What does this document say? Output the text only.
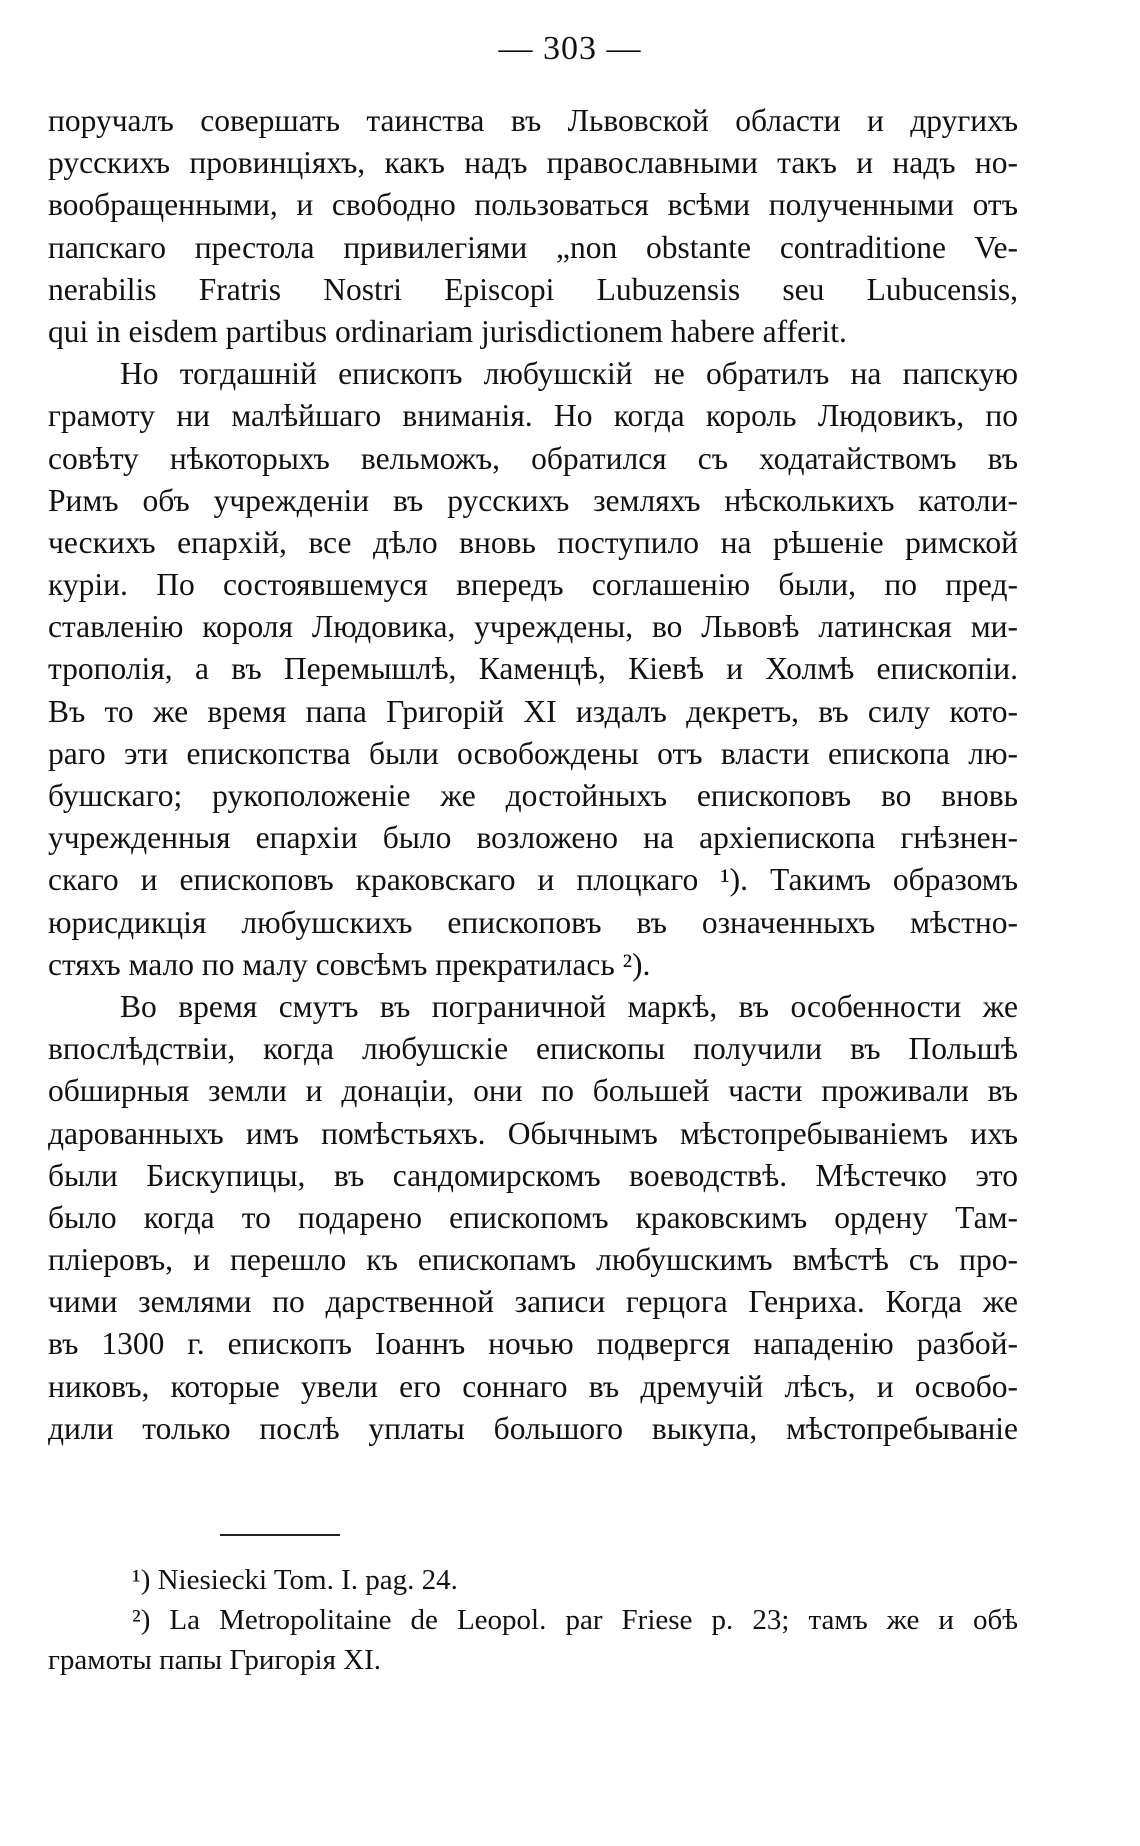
— 303 —
поручалъ совершать таинства въ Львовской области и другихъ
русскихъ провинціяхъ, какъ надъ православными такъ и надъ но-
вообращенными, и свободно пользоваться всѣми полученными отъ
папскаго престола привилегіями „non obstante contraditione Ve-
nerabilis Fratris Nostri Episcopi Lubuzensis seu Lubucensis,
qui in eisdem partibus ordinariam jurisdictionem habere afferit.
Но тогдашній епископъ любушскій не обратилъ на папскую
грамоту ни малѣйшаго вниманія. Но когда король Людовикъ, по
совѣту нѣкоторыхъ вельможъ, обратился съ ходатайствомъ въ
Римъ объ учрежденіи въ русскихъ земляхъ нѣсколькихъ католи-
ческихъ епархій, все дѣло вновь поступило на рѣшеніе римской
куріи. По состоявшемуся впередъ соглашенію были, по пред-
ставленію короля Людовика, учреждены, во Львовѣ латинская ми-
трополія, а въ Перемышлѣ, Каменцѣ, Кіевѣ и Холмѣ епископіи.
Въ то же время папа Григорій XI издалъ декретъ, въ силу кото-
раго эти епископства были освобождены отъ власти епископа лю-
бушскаго; рукоположеніе же достойныхъ епископовъ во вновь
учрежденныя епархіи было возложено на архіепископа гнѣзнен-
скаго и епископовъ краковскаго и плоцкаго ¹). Такимъ образомъ
юрисдикція любушскихъ епископовъ въ означенныхъ мѣстно-
стяхъ мало по малу совсѣмъ прекратилась ²).
Во время смутъ въ пограничной маркѣ, въ особенности же
впослѣдствіи, когда любушскіе епископы получили въ Польшѣ
обширныя земли и донаціи, они по большей части проживали въ
дарованныхъ имъ помѣстьяхъ. Обычнымъ мѣстопребываніемъ ихъ
были Бискупицы, въ сандомирскомъ воеводствѣ. Мѣстечко это
было когда то подарено епископомъ краковскимъ ордену Там-
пліеровъ, и перешло къ епископамъ любушскимъ вмѣстѣ съ про-
чими землями по дарственной записи герцога Генриха. Когда же
въ 1300 г. епископъ Іоаннъ ночью подвергся нападенію разбой-
никовъ, которые увели его соннаго въ дремучій лѣсъ, и освобо-
дили только послѣ уплаты большого выкупа, мѣстопребываніе
¹) Niesiecki Tom. I. pag. 24.
²) La Metropolitaine de Leopol. par Friese p. 23; тамъ же и обѣ
грамоты папы Григорія XI.
